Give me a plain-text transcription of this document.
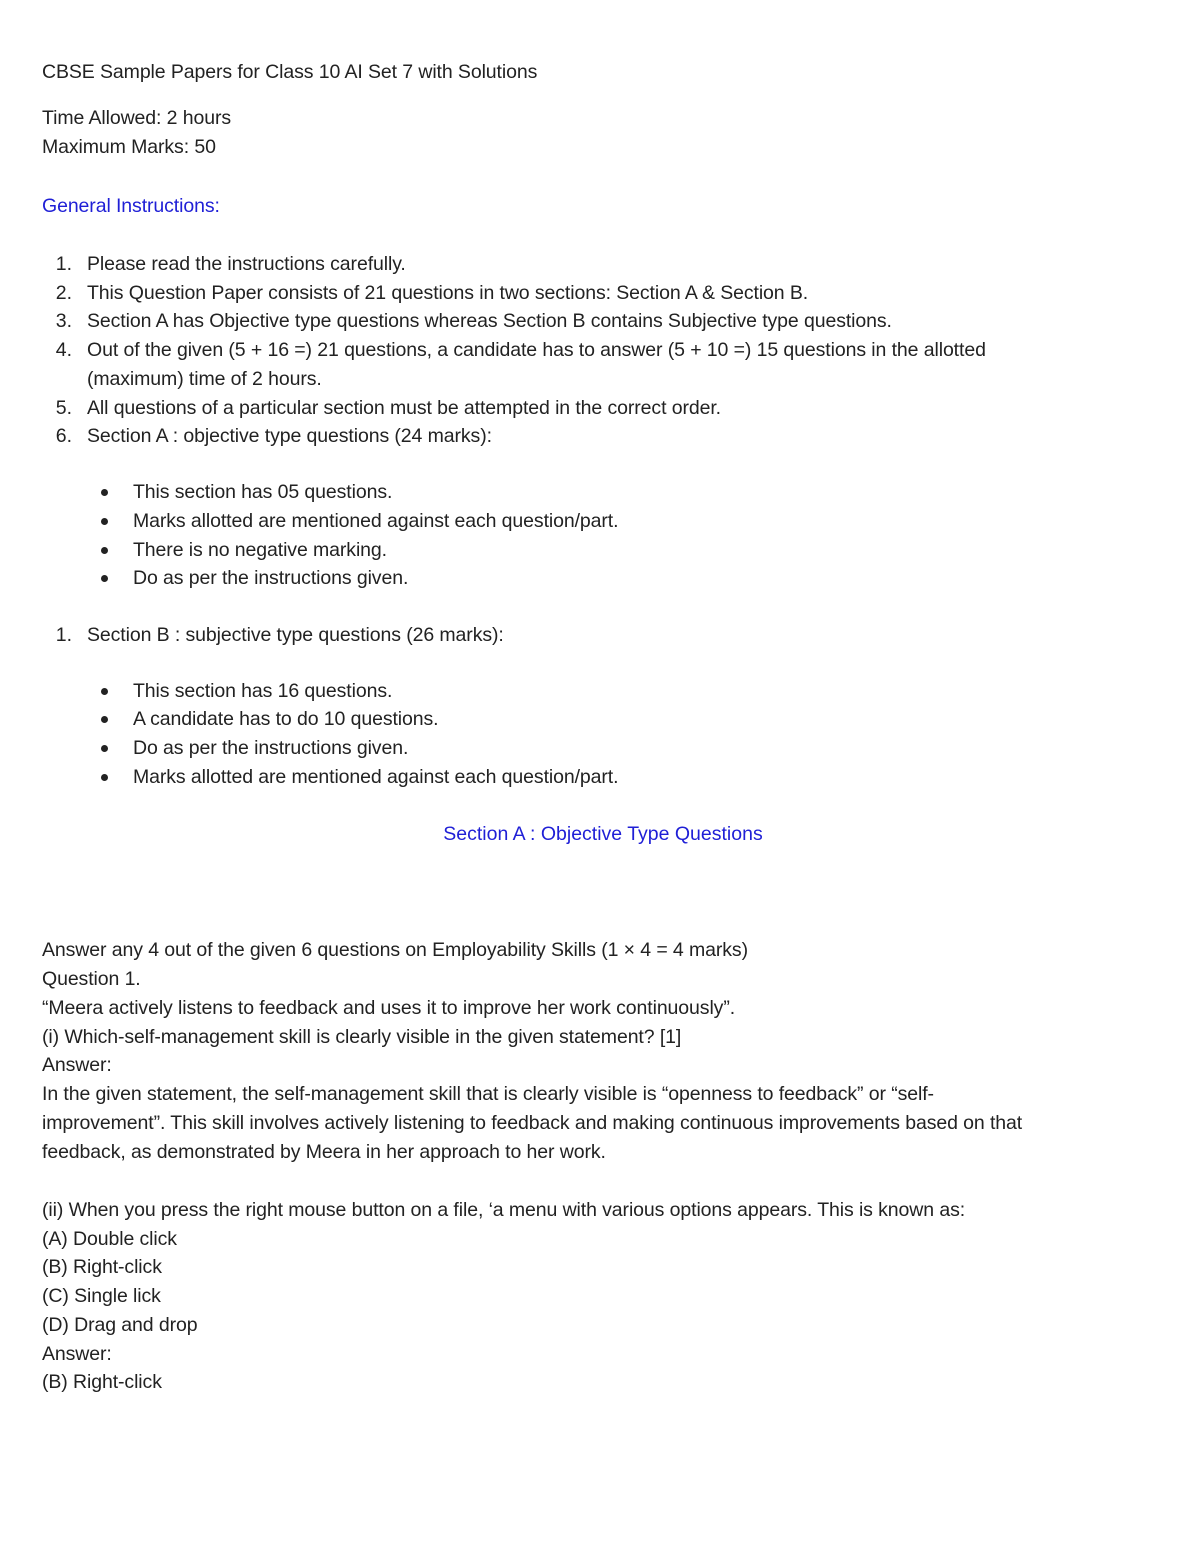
CBSE Sample Papers for Class 10 AI Set 7 with Solutions
Time Allowed: 2 hours
Maximum Marks: 50
General Instructions:
1. Please read the instructions carefully.
2. This Question Paper consists of 21 questions in two sections: Section A & Section B.
3. Section A has Objective type questions whereas Section B contains Subjective type questions.
4. Out of the given (5 + 16 =) 21 questions, a candidate has to answer (5 + 10 =) 15 questions in the allotted
(maximum) time of 2 hours.
5. All questions of a particular section must be attempted in the correct order.
6. Section A : objective type questions (24 marks):
This section has 05 questions.
Marks allotted are mentioned against each question/part.
There is no negative marking.
Do as per the instructions given.
1. Section B : subjective type questions (26 marks):
This section has 16 questions.
A candidate has to do 10 questions.
Do as per the instructions given.
Marks allotted are mentioned against each question/part.
Section A : Objective Type Questions
Answer any 4 out of the given 6 questions on Employability Skills (1 × 4 = 4 marks)
Question 1.
“Meera actively listens to feedback and uses it to improve her work continuously”.
(i) Which-self-management skill is clearly visible in the given statement? [1]
Answer:
In the given statement, the self-management skill that is clearly visible is “openness to feedback” or “self-
improvement”. This skill involves actively listening to feedback and making continuous improvements based on that
feedback, as demonstrated by Meera in her approach to her work.
(ii) When you press the right mouse button on a file, ‘a menu with various options appears. This is known as:
(A) Double click
(B) Right-click
(C) Single lick
(D) Drag and drop
Answer:
(B) Right-click
